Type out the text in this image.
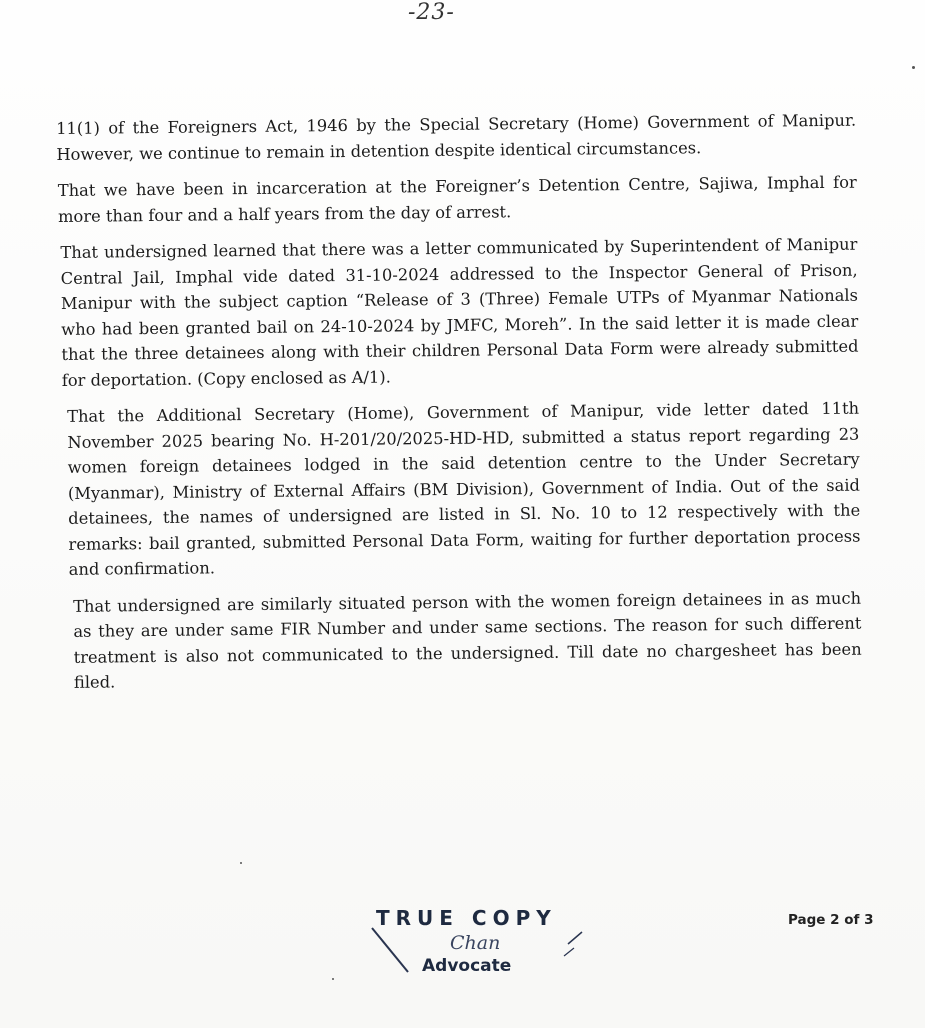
-23-

11(1) of the Foreigners Act, 1946 by the Special Secretary (Home) Government of Manipur. However, we continue to remain in detention despite identical circumstances.

That we have been in incarceration at the Foreigner’s Detention Centre, Sajiwa, Imphal for more than four and a half years from the day of arrest.

That undersigned learned that there was a letter communicated by Superintendent of Manipur Central Jail, Imphal vide dated 31-10-2024 addressed to the Inspector General of Prison, Manipur with the subject caption “Release of 3 (Three) Female UTPs of Myanmar Nationals who had been granted bail on 24-10-2024 by JMFC, Moreh”. In the said letter it is made clear that the three detainees along with their children Personal Data Form were already submitted for deportation. (Copy enclosed as A/1).

That the Additional Secretary (Home), Government of Manipur, vide letter dated 11th November 2025 bearing No. H-201/20/2025-HD-HD, submitted a status report regarding 23 women foreign detainees lodged in the said detention centre to the Under Secretary (Myanmar), Ministry of External Affairs (BM Division), Government of India. Out of the said detainees, the names of undersigned are listed in Sl. No. 10 to 12 respectively with the remarks: bail granted, submitted Personal Data Form, waiting for further deportation process and confirmation.

That undersigned are similarly situated person with the women foreign detainees in as much as they are under same FIR Number and under same sections. The reason for such different treatment is also not communicated to the undersigned. Till date no chargesheet has been filed.

TRUE COPY
Chan
Advocate
Page 2 of 3
